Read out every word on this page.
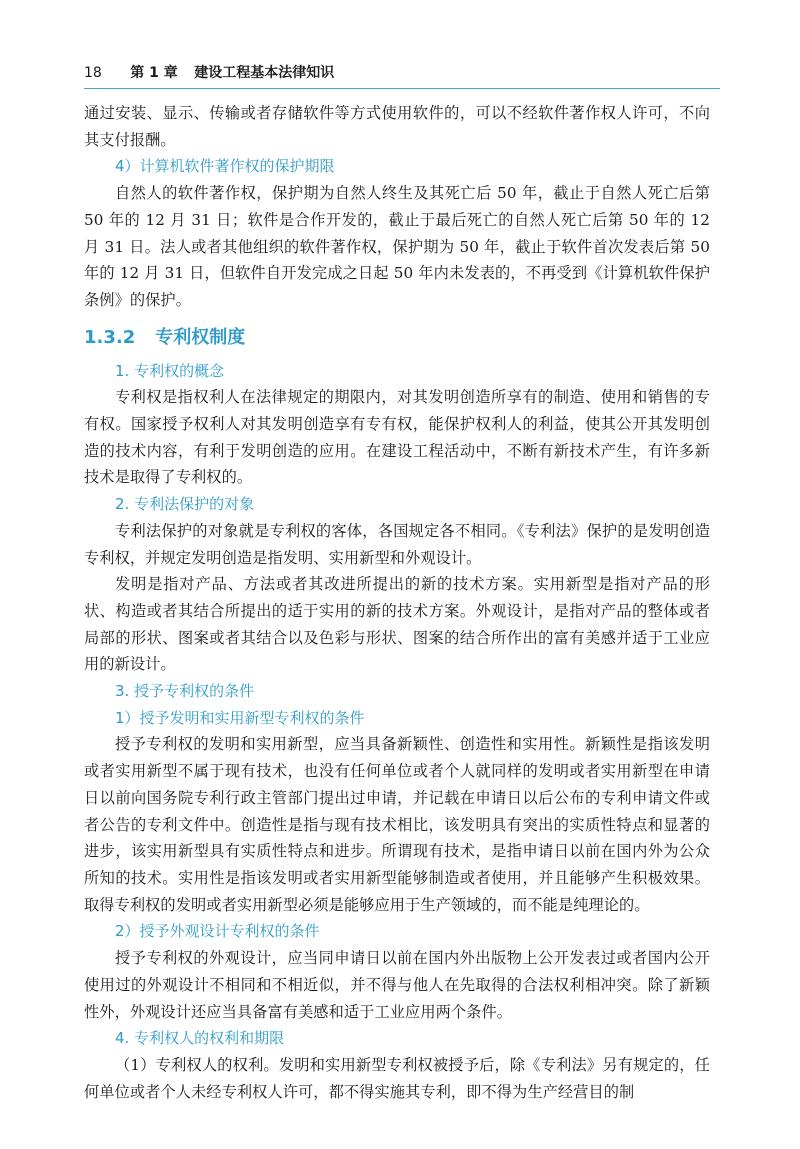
18 第 1 章 建设工程基本法律知识

通过安装、显示、传输或者存储软件等方式使用软件的，可以不经软件著作权人许可，不向其支付报酬。

4）计算机软件著作权的保护期限

自然人的软件著作权，保护期为自然人终生及其死亡后 50 年，截止于自然人死亡后第 50 年的 12 月 31 日；软件是合作开发的，截止于最后死亡的自然人死亡后第 50 年的 12 月 31 日。法人或者其他组织的软件著作权，保护期为 50 年，截止于软件首次发表后第 50 年的 12 月 31 日，但软件自开发完成之日起 50 年内未发表的，不再受到《计算机软件保护条例》的保护。

1.3.2 专利权制度
1. 专利权的概念

专利权是指权利人在法律规定的期限内，对其发明创造所享有的制造、使用和销售的专有权。国家授予权利人对其发明创造享有专有权，能保护权利人的利益，使其公开其发明创造的技术内容，有利于发明创造的应用。在建设工程活动中，不断有新技术产生，有许多新技术是取得了专利权的。

2. 专利法保护的对象

专利法保护的对象就是专利权的客体，各国规定各不相同。《专利法》保护的是发明创造专利权，并规定发明创造是指发明、实用新型和外观设计。

发明是指对产品、方法或者其改进所提出的新的技术方案。实用新型是指对产品的形状、构造或者其结合所提出的适于实用的新的技术方案。外观设计，是指对产品的整体或者局部的形状、图案或者其结合以及色彩与形状、图案的结合所作出的富有美感并适于工业应用的新设计。

3. 授予专利权的条件
1）授予发明和实用新型专利权的条件

授予专利权的发明和实用新型，应当具备新颖性、创造性和实用性。新颖性是指该发明或者实用新型不属于现有技术，也没有任何单位或者个人就同样的发明或者实用新型在申请日以前向国务院专利行政主管部门提出过申请，并记载在申请日以后公布的专利申请文件或者公告的专利文件中。创造性是指与现有技术相比，该发明具有突出的实质性特点和显著的进步，该实用新型具有实质性特点和进步。所谓现有技术，是指申请日以前在国内外为公众所知的技术。实用性是指该发明或者实用新型能够制造或者使用，并且能够产生积极效果。取得专利权的发明或者实用新型必须是能够应用于生产领域的，而不能是纯理论的。

2）授予外观设计专利权的条件

授予专利权的外观设计，应当同申请日以前在国内外出版物上公开发表过或者国内公开使用过的外观设计不相同和不相近似，并不得与他人在先取得的合法权利相冲突。除了新颖性外，外观设计还应当具备富有美感和适于工业应用两个条件。

4. 专利权人的权利和期限

（1）专利权人的权利。发明和实用新型专利权被授予后，除《专利法》另有规定的，任何单位或者个人未经专利权人许可，都不得实施其专利，即不得为生产经营目的制
